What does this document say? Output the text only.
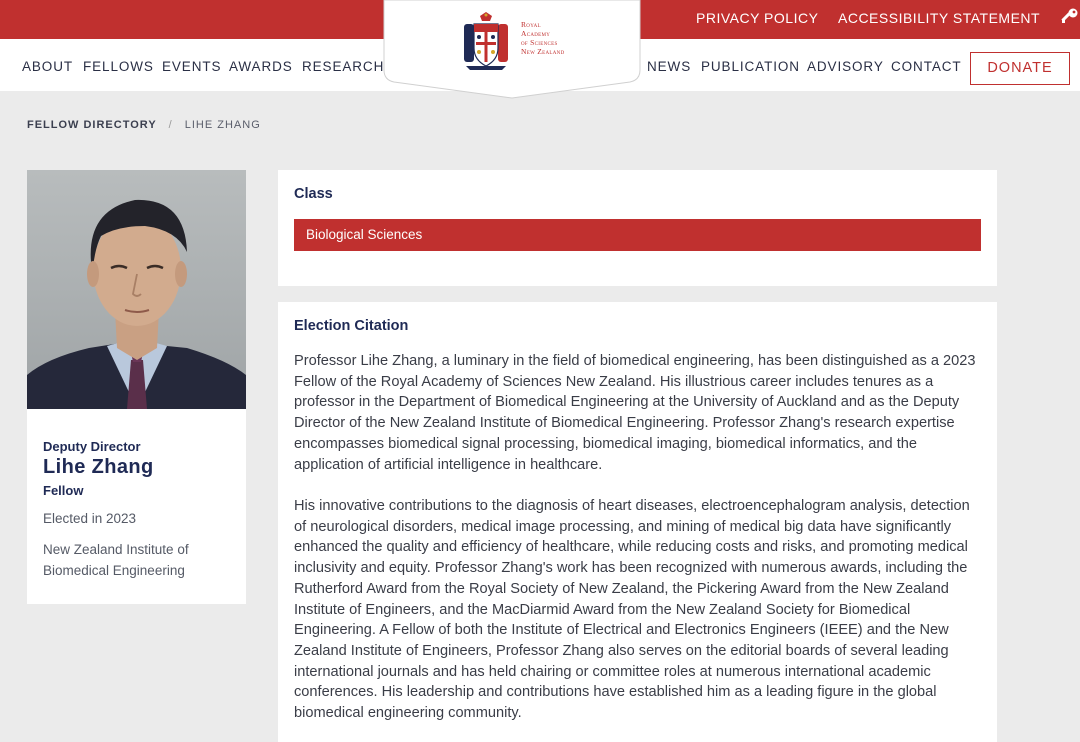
PRIVACY POLICY ACCESSIBILITY STATEMENT
ABOUT FELLOWS EVENTS AWARDS RESEARCH	NEWS PUBLICATION ADVISORY CONTACT	DONATE
Royal
Academy
of Sciences
New Zealand
FELLOW DIRECTORY / LIHE ZHANG
Deputy Director
Lihe Zhang
Fellow
Elected in 2023
New Zealand Institute of Biomedical Engineering
Class
Biological Sciences
Election Citation

Professor Lihe Zhang, a luminary in the field of biomedical engineering, has been distinguished as a 2023 Fellow of the Royal Academy of Sciences New Zealand. His illustrious career includes tenures as a professor in the Department of Biomedical Engineering at the University of Auckland and as the Deputy Director of the New Zealand Institute of Biomedical Engineering. Professor Zhang's research expertise encompasses biomedical signal processing, biomedical imaging, biomedical informatics, and the application of artificial intelligence in healthcare.

His innovative contributions to the diagnosis of heart diseases, electroencephalogram analysis, detection of neurological disorders, medical image processing, and mining of medical big data have significantly enhanced the quality and efficiency of healthcare, while reducing costs and risks, and promoting medical inclusivity and equity. Professor Zhang's work has been recognized with numerous awards, including the Rutherford Award from the Royal Society of New Zealand, the Pickering Award from the New Zealand Institute of Engineers, and the MacDiarmid Award from the New Zealand Society for Biomedical Engineering. A Fellow of both the Institute of Electrical and Electronics Engineers (IEEE) and the New Zealand Institute of Engineers, Professor Zhang also serves on the editorial boards of several leading international journals and has held chairing or committee roles at numerous international academic conferences. His leadership and contributions have established him as a leading figure in the global biomedical engineering community.
